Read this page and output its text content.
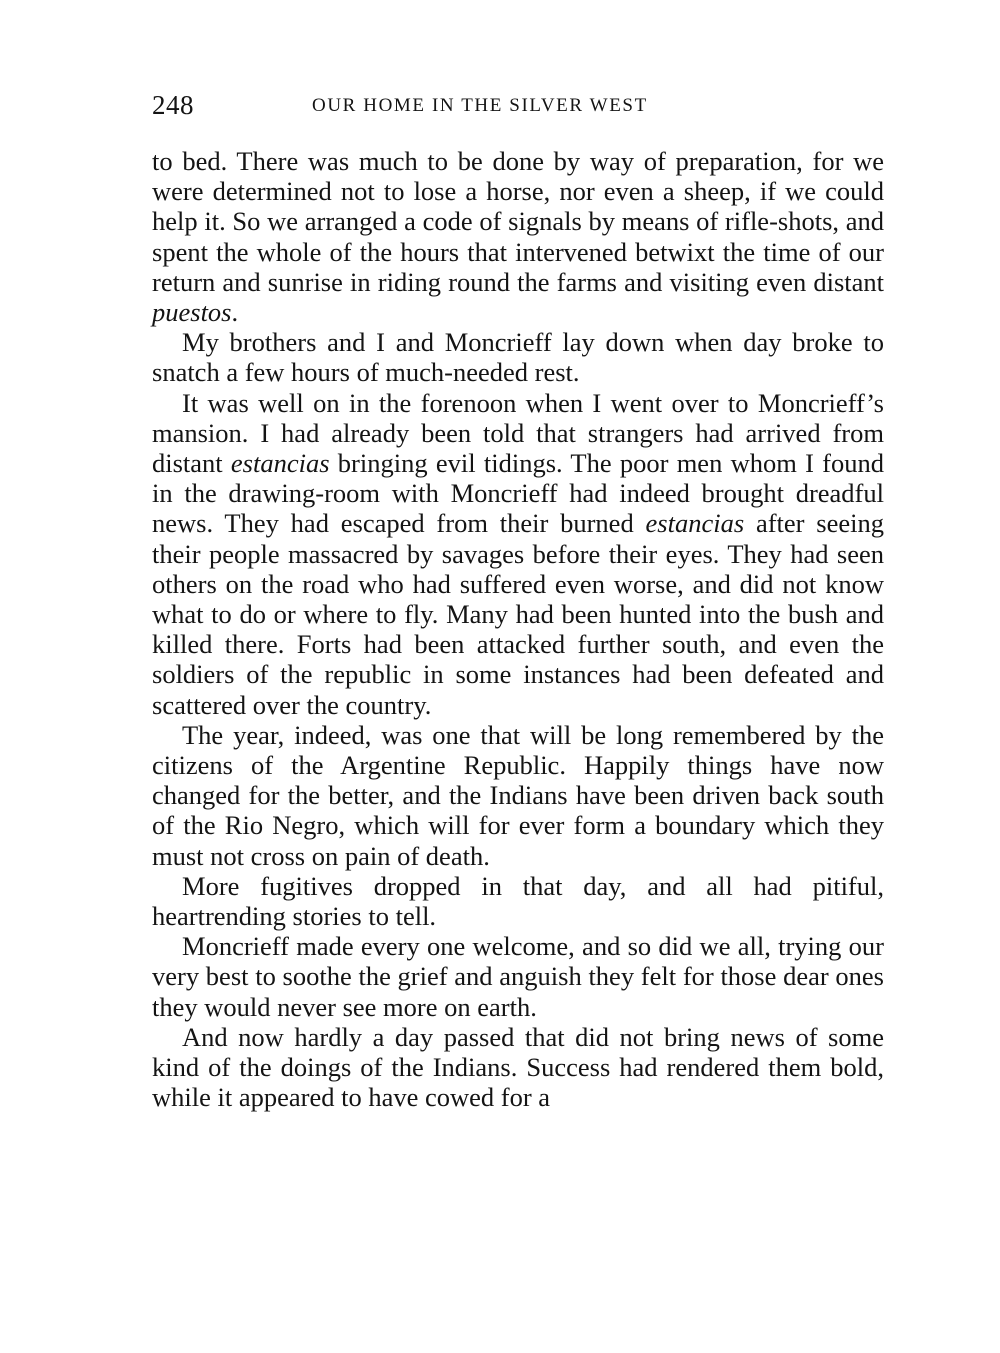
248	OUR HOME IN THE SILVER WEST

to bed. There was much to be done by way of preparation, for we were determined not to lose a horse, nor even a sheep, if we could help it. So we arranged a code of signals by means of rifle-shots, and spent the whole of the hours that intervened betwixt the time of our return and sunrise in riding round the farms and visiting even distant puestos.

My brothers and I and Moncrieff lay down when day broke to snatch a few hours of much-needed rest.

It was well on in the forenoon when I went over to Moncrieff’s mansion. I had already been told that strangers had arrived from distant estancias bringing evil tidings. The poor men whom I found in the drawing-room with Moncrieff had indeed brought dreadful news. They had escaped from their burned estancias after seeing their people massacred by savages before their eyes. They had seen others on the road who had suffered even worse, and did not know what to do or where to fly. Many had been hunted into the bush and killed there. Forts had been attacked further south, and even the soldiers of the republic in some instances had been defeated and scattered over the country.

The year, indeed, was one that will be long remembered by the citizens of the Argentine Republic. Happily things have now changed for the better, and the Indians have been driven back south of the Rio Negro, which will for ever form a boundary which they must not cross on pain of death.

More fugitives dropped in that day, and all had pitiful, heartrending stories to tell.

Moncrieff made every one welcome, and so did we all, trying our very best to soothe the grief and anguish they felt for those dear ones they would never see more on earth.

And now hardly a day passed that did not bring news of some kind of the doings of the Indians. Success had rendered them bold, while it appeared to have cowed for a
